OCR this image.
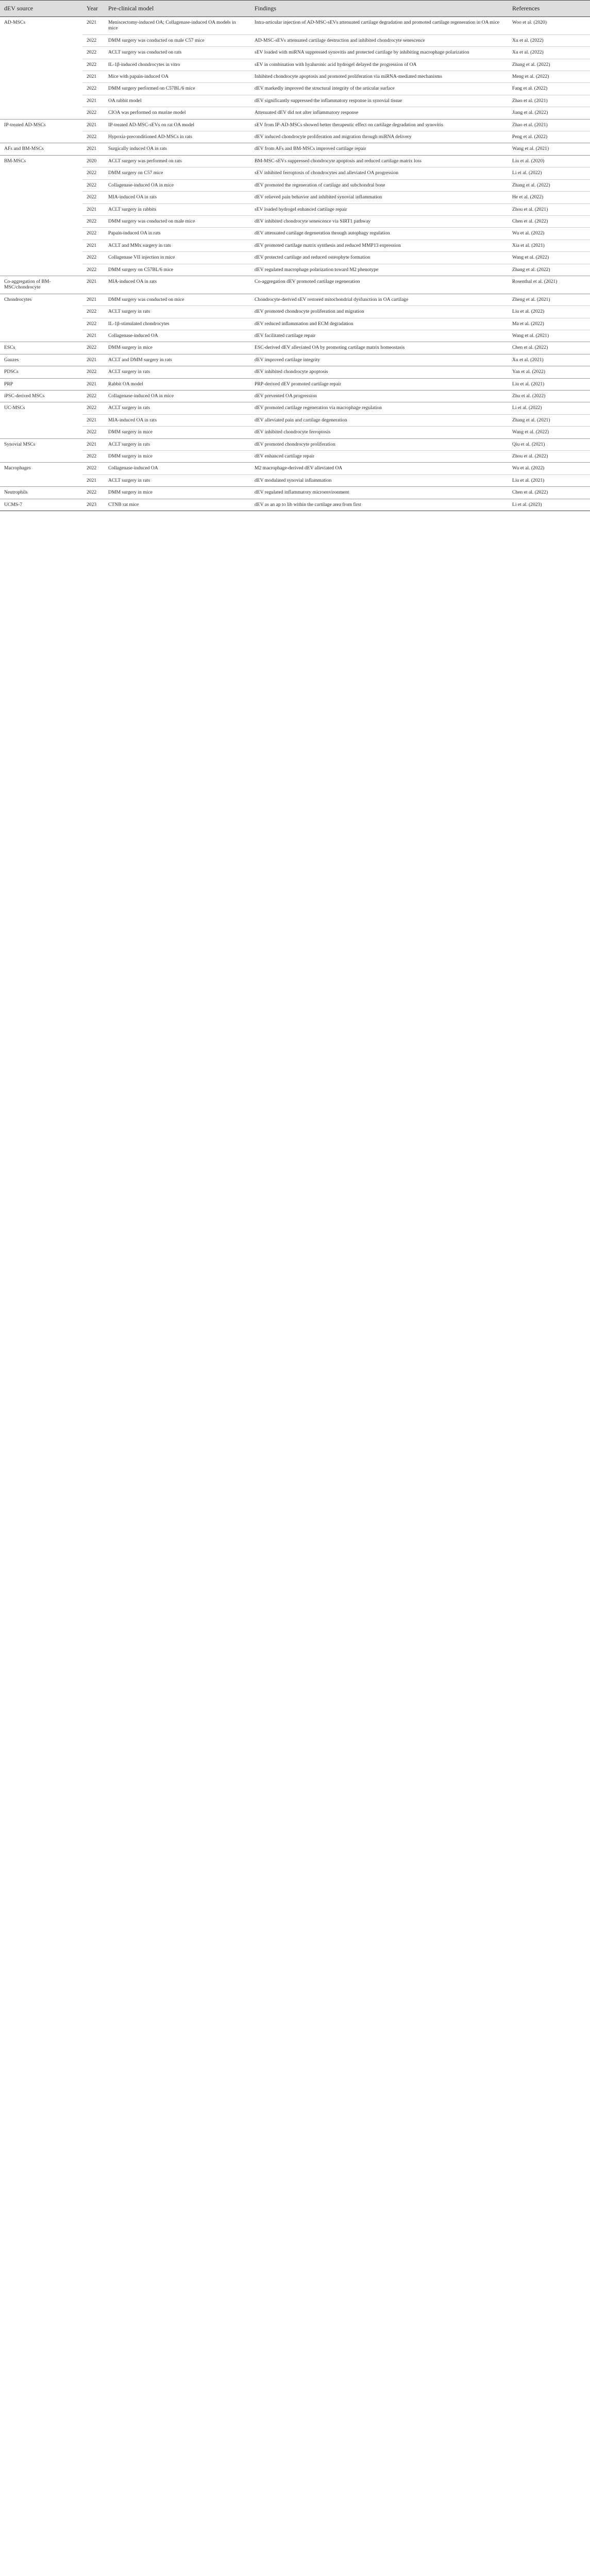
dEV source	Year	Pre-clinical model	Findings	References
AD-MSCs	2021	Meniscectomy-induced OA; Collagenase-induced OA models in mice	Intra-articular injection of AD-MSC-sEVs attenuated cartilage degradation and promoted cartilage regeneration in OA mice	Woo et al. (2020)
	2022	DMM surgery was conducted on male C57 mice	AD-MSC-sEVs attenuated cartilage destruction and inhibited chondrocyte senescence	Xu et al. (2022)
	2022	ACLT surgery was conducted on rats	sEV loaded with miRNA suppressed synovitis and protected cartilage by inhibiting macrophage polarization	Xu et al. (2022)
	2022	IL-1β-induced chondrocytes in vitro	sEV in combination with hyaluronic acid hydrogel delayed the progression of OA	Zhang et al. (2022)
	2021	Mice with papain-induced OA	Inhibited chondrocyte apoptosis and promoted proliferation via miRNA-mediated mechanisms	Meng et al. (2022)
	2022	DMM surgery performed on C57BL/6 mice	dEV markedly improved the structural integrity of the articular surface	Fang et al. (2022)
	2021	OA rabbit model	dEV significantly suppressed the inflammatory response in synovial tissue	Zhao et al. (2021)
	2022	CIOA was performed on murine model	Attenuated dEV did not alter inflammatory response	Jiang et al. (2022)
IP-treated AD-MSCs	2021	IP-treated AD-MSC-sEVs on rat OA model	sEV from IP-AD-MSCs showed better therapeutic effect on cartilage degradation and synovitis	Zhao et al. (2021)
	2022	Hypoxia-preconditioned AD-MSCs in rats	dEV induced chondrocyte proliferation and migration through miRNA delivery	Peng et al. (2022)
AFs and BM-MSCs	2021	Surgically induced OA in rats	dEV from AFs and BM-MSCs improved cartilage repair	Wang et al. (2021)
BM-MSCs	2020	ACLT surgery was performed on rats	BM-MSC-sEVs suppressed chondrocyte apoptosis and reduced cartilage matrix loss	Liu et al. (2020)
	2022	DMM surgery on C57 mice	sEV inhibited ferroptosis of chondrocytes and alleviated OA progression	Li et al. (2022)
	2022	Collagenase-induced OA in mice	dEV promoted the regeneration of cartilage and subchondral bone	Zhang et al. (2022)
	2022	MIA-induced OA in rats	dEV relieved pain behavior and inhibited synovial inflammation	He et al. (2022)
	2021	ACLT surgery in rabbits	sEV loaded hydrogel enhanced cartilage repair	Zhou et al. (2021)
	2022	DMM surgery was conducted on male mice	dEV inhibited chondrocyte senescence via SIRT1 pathway	Chen et al. (2022)
	2022	Papain-induced OA in rats	dEV attenuated cartilage degeneration through autophagy regulation	Wu et al. (2022)
	2021	ACLT and MMx surgery in rats	dEV promoted cartilage matrix synthesis and reduced MMP13 expression	Xia et al. (2021)
	2022	Collagenase VII injection in mice	dEV protected cartilage and reduced osteophyte formation	Wang et al. (2022)
	2022	DMM surgery on C57BL/6 mice	dEV regulated macrophage polarization toward M2 phenotype	Zhang et al. (2022)
Co-aggregation of BM-MSC/chondrocyte	2021	MIA-induced OA in rats	Co-aggregation dEV promoted cartilage regeneration	Rosenthal et al. (2021)
Chondrocytes	2021	DMM surgery was conducted on mice	Chondrocyte-derived sEV restored mitochondrial dysfunction in OA cartilage	Zheng et al. (2021)
	2022	ACLT surgery in rats	dEV promoted chondrocyte proliferation and migration	Liu et al. (2022)
	2022	IL-1β-stimulated chondrocytes	dEV reduced inflammation and ECM degradation	Ma et al. (2022)
	2021	Collagenase-induced OA	dEV facilitated cartilage repair	Wang et al. (2021)
ESCs	2022	DMM surgery in mice	ESC-derived dEV alleviated OA by promoting cartilage matrix homeostasis	Chen et al. (2022)
Gauzes	2021	ACLT and DMM surgery in rats	dEV improved cartilage integrity	Xu et al. (2021)
PDSCs	2022	ACLT surgery in rats	dEV inhibited chondrocyte apoptosis	Yan et al. (2022)
PRP	2021	Rabbit OA model	PRP-derived dEV promoted cartilage repair	Liu et al. (2021)
iPSC-derived MSCs	2022	Collagenase-induced OA in mice	dEV prevented OA progression	Zhu et al. (2022)
UC-MSCs	2022	ACLT surgery in rats	dEV promoted cartilage regeneration via macrophage regulation	Li et al. (2022)
	2021	MIA-induced OA in rats	dEV alleviated pain and cartilage degeneration	Zhang et al. (2021)
	2022	DMM surgery in mice	dEV inhibited chondrocyte ferroptosis	Wang et al. (2022)
Synovial MSCs	2021	ACLT surgery in rats	dEV promoted chondrocyte proliferation	Qiu et al. (2021)
	2022	DMM surgery in mice	dEV enhanced cartilage repair	Zhou et al. (2022)
Macrophages	2022	Collagenase-induced OA	M2 macrophage-derived dEV alleviated OA	Wu et al. (2022)
	2021	ACLT surgery in rats	dEV modulated synovial inflammation	Liu et al. (2021)
Neutrophils	2022	DMM surgery in mice	dEV regulated inflammatory microenvironment	Chen et al. (2022)
UCMS-7	2023	CTNB rat mice	dEV as an ap to lib within the cartilage area from first	Li et al. (2023)
